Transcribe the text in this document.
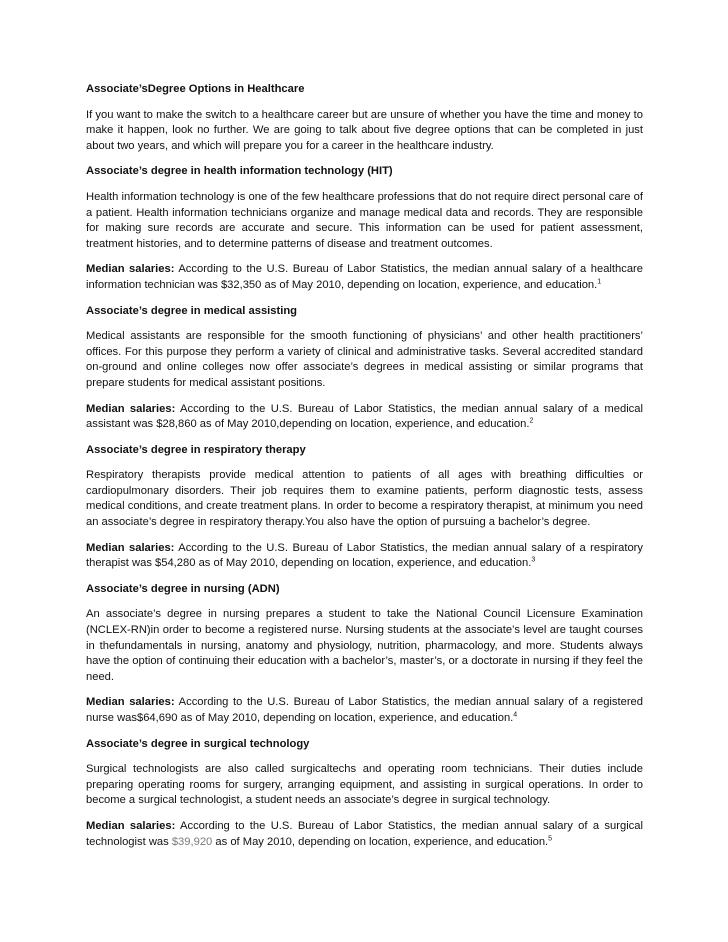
Associate’sDegree Options in Healthcare

If you want to make the switch to a healthcare career but are unsure of whether you have the time and money to make it happen, look no further. We are going to talk about five degree options that can be completed in just about two years, and which will prepare you for a career in the healthcare industry.

Associate’s degree in health information technology (HIT)

Health information technology is one of the few healthcare professions that do not require direct personal care of a patient. Health information technicians organize and manage medical data and records. They are responsible for making sure records are accurate and secure. This information can be used for patient assessment, treatment histories, and to determine patterns of disease and treatment outcomes.

Median salaries: According to the U.S. Bureau of Labor Statistics, the median annual salary of a healthcare information technician was $32,350 as of May 2010, depending on location, experience, and education.$^1$

Associate’s degree in medical assisting

Medical assistants are responsible for the smooth functioning of physicians’ and other health practitioners’ offices. For this purpose they perform a variety of clinical and administrative tasks. Several accredited standard on-ground and online colleges now offer associate’s degrees in medical assisting or similar programs that prepare students for medical assistant positions.

Median salaries: According to the U.S. Bureau of Labor Statistics, the median annual salary of a medical assistant was $28,860 as of May 2010,depending on location, experience, and education.$^2$

Associate’s degree in respiratory therapy

Respiratory therapists provide medical attention to patients of all ages with breathing difficulties or cardiopulmonary disorders. Their job requires them to examine patients, perform diagnostic tests, assess medical conditions, and create treatment plans. In order to become a respiratory therapist, at minimum you need an associate’s degree in respiratory therapy.You also have the option of pursuing a bachelor’s degree.

Median salaries: According to the U.S. Bureau of Labor Statistics, the median annual salary of a respiratory therapist was $54,280 as of May 2010, depending on location, experience, and education.$^3$

Associate’s degree in nursing (ADN)

An associate’s degree in nursing prepares a student to take the National Council Licensure Examination (NCLEX-RN)in order to become a registered nurse. Nursing students at the associate’s level are taught courses in thefundamentals in nursing, anatomy and physiology, nutrition, pharmacology, and more. Students always have the option of continuing their education with a bachelor’s, master’s, or a doctorate in nursing if they feel the need.

Median salaries: According to the U.S. Bureau of Labor Statistics, the median annual salary of a registered nurse was$64,690 as of May 2010, depending on location, experience, and education.$^4$

Associate’s degree in surgical technology

Surgical technologists are also called surgicaltechs and operating room technicians. Their duties include preparing operating rooms for surgery, arranging equipment, and assisting in surgical operations. In order to become a surgical technologist, a student needs an associate’s degree in surgical technology.

Median salaries: According to the U.S. Bureau of Labor Statistics, the median annual salary of a surgical technologist was $39,920 as of May 2010, depending on location, experience, and education.$^5$
